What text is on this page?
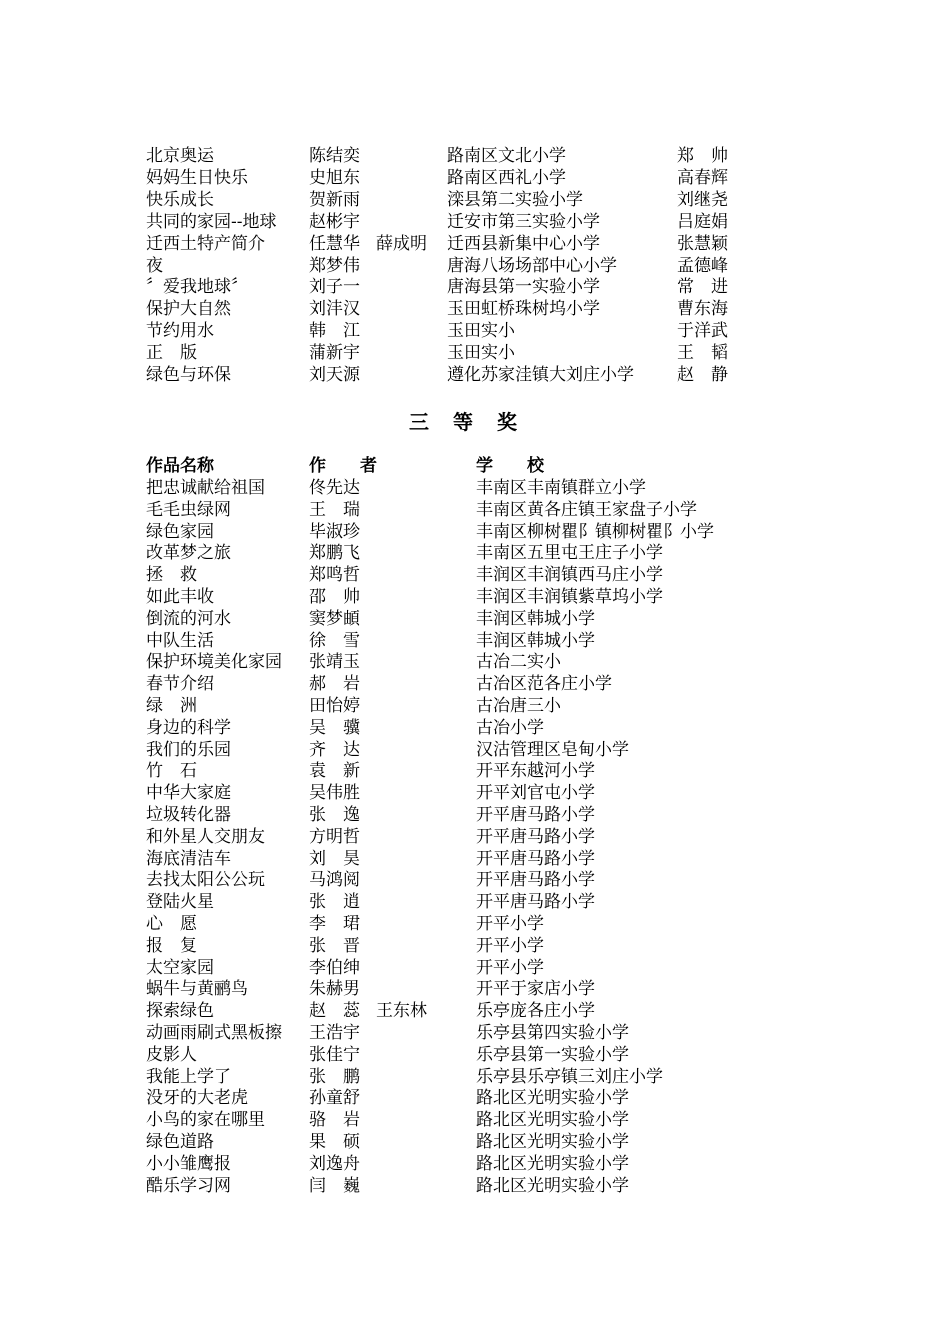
北京奥运	陈结奕	路南区文北小学	郑　帅
妈妈生日快乐	史旭东	路南区西礼小学	高春辉
快乐成长	贺新雨	滦县第二实验小学	刘继尧
共同的家园--地球 赵彬宇	迁安市第三实验小学	吕庭娟
迁西土特产简介	任慧华 薛成明 迁西县新集中心小学	张慧颖
夜	郑梦伟	唐海八场场部中心小学	孟德峰
〞爱我地球〞	刘子一	唐海县第一实验小学	常　进
保护大自然	刘沣汉	玉田虹桥珠树坞小学	曹东海
节约用水	韩　江	玉田实小	于洋武
正　版	蒲新宇	玉田实小	王　韬
绿色与环保	刘天源	遵化苏家洼镇大刘庄小学	赵　静
三等奖
作品名称	作　　者	学　　校
把忠诚献给祖国	佟先达	丰南区丰南镇群立小学
毛毛虫绿网	王　瑞	丰南区黄各庄镇王家盘子小学
绿色家园	毕淑珍	丰南区柳树瞿阝镇柳树瞿阝小学
改革梦之旅	郑鹏飞	丰南区五里屯王庄子小学
拯　救	郑鸣哲	丰润区丰润镇西马庄小学
如此丰收	邵　帅	丰润区丰润镇紫草坞小学
倒流的河水	窦梦頔	丰润区韩城小学
中队生活	徐　雪	丰润区韩城小学
保护环境美化家园 张靖玉	古冶二实小
春节介绍	郝　岩	古冶区范各庄小学
绿　洲	田怡婷	古冶唐三小
身边的科学	吴　骥	古冶小学
我们的乐园	齐　达	汉沽管理区皂甸小学
竹　石	袁　新	开平东越河小学
中华大家庭	吴伟胜	开平刘官屯小学
垃圾转化器	张　逸	开平唐马路小学
和外星人交朋友	方明哲	开平唐马路小学
海底清洁车	刘　昊	开平唐马路小学
去找太阳公公玩	马鸿阅	开平唐马路小学
登陆火星	张　逍	开平唐马路小学
心　愿	李　珺	开平小学
报　复	张　晋	开平小学
太空家园	李伯绅	开平小学
蜗牛与黄鹂鸟	朱赫男	开平于家店小学
探索绿色	赵　蕊 王东林	乐亭庞各庄小学
动画雨刷式黑板擦 王浩宇	乐亭县第四实验小学
皮影人	张佳宁	乐亭县第一实验小学
我能上学了	张　鹏	乐亭县乐亭镇三刘庄小学
没牙的大老虎	孙童舒	路北区光明实验小学
小鸟的家在哪里	骆　岩	路北区光明实验小学
绿色道路	果　硕	路北区光明实验小学
小小雏鹰报	刘逸舟	路北区光明实验小学
酷乐学习网	闫　巍	路北区光明实验小学
